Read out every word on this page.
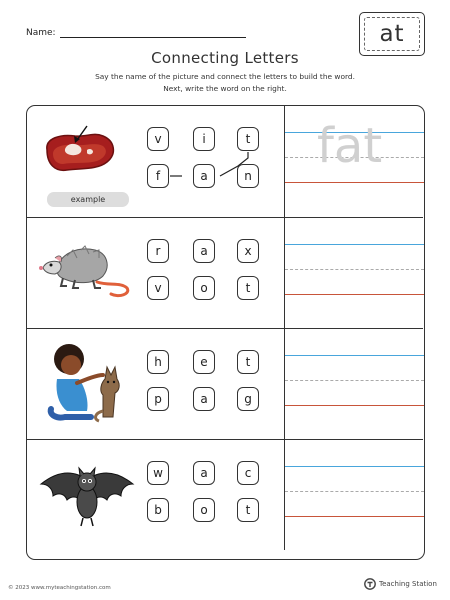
Name:	at
Connecting Letters
Say the name of the picture and connect the letters to build the word.
Next, write the word on the right.
example
v	i	t
f	a	n
fat
r	a	x
v	o	t
h	e	t
p	a	g
w	a	c
b	o	t
© 2023 www.myteachingstation.com	Teaching Station
